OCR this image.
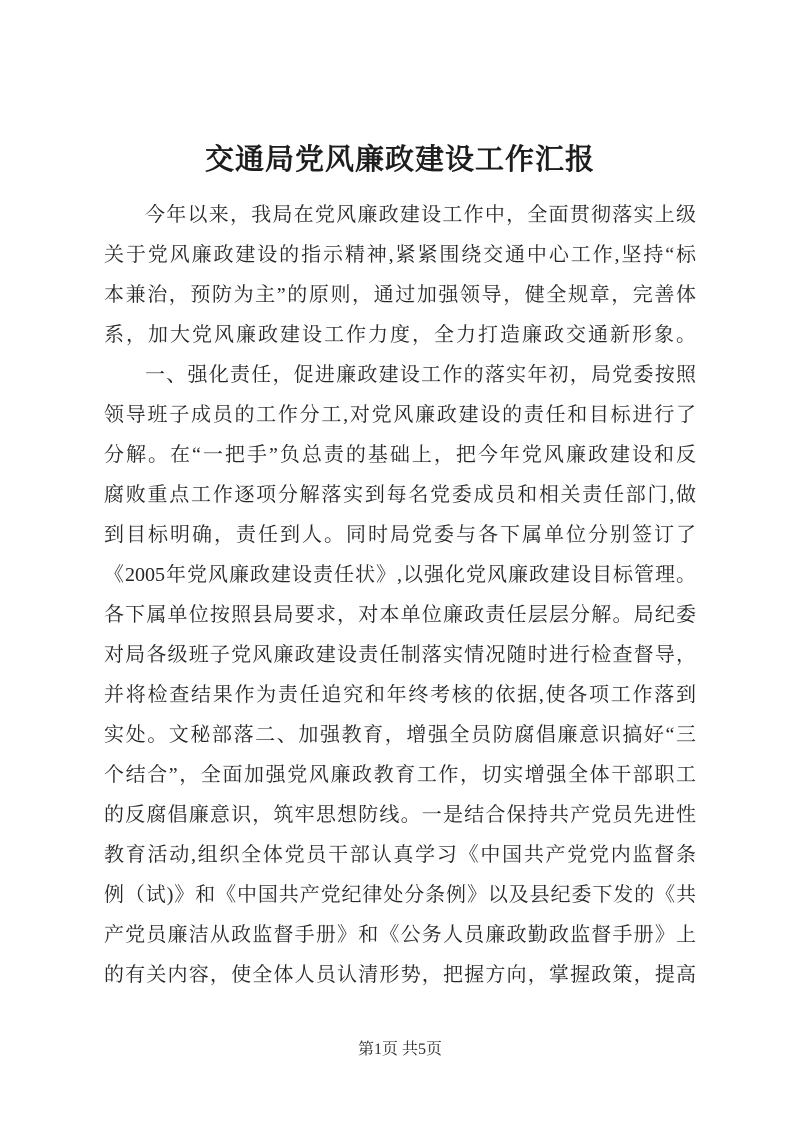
交通局党风廉政建设工作汇报
今年以来，我局在党风廉政建设工作中，全面贯彻落实上级
关于党风廉政建设的指示精神,紧紧围绕交通中心工作,坚持“标
本兼治，预防为主”的原则，通过加强领导，健全规章，完善体
系，加大党风廉政建设工作力度，全力打造廉政交通新形象。
一、强化责任，促进廉政建设工作的落实年初，局党委按照
领导班子成员的工作分工,对党风廉政建设的责任和目标进行了
分解。在“一把手”负总责的基础上，把今年党风廉政建设和反
腐败重点工作逐项分解落实到每名党委成员和相关责任部门,做
到目标明确，责任到人。同时局党委与各下属单位分别签订了
《2005年党风廉政建设责任状》,以强化党风廉政建设目标管理。
各下属单位按照县局要求，对本单位廉政责任层层分解。局纪委
对局各级班子党风廉政建设责任制落实情况随时进行检查督导，
并将检查结果作为责任追究和年终考核的依据,使各项工作落到
实处。文秘部落二、加强教育，增强全员防腐倡廉意识搞好“三
个结合”，全面加强党风廉政教育工作，切实增强全体干部职工
的反腐倡廉意识，筑牢思想防线。一是结合保持共产党员先进性
教育活动,组织全体党员干部认真学习《中国共产党党内监督条
例（试)》和《中国共产党纪律处分条例》以及县纪委下发的《共
产党员廉洁从政监督手册》和《公务人员廉政勤政监督手册》上
的有关内容，使全体人员认清形势，把握方向，掌握政策，提高
第1页 共5页
